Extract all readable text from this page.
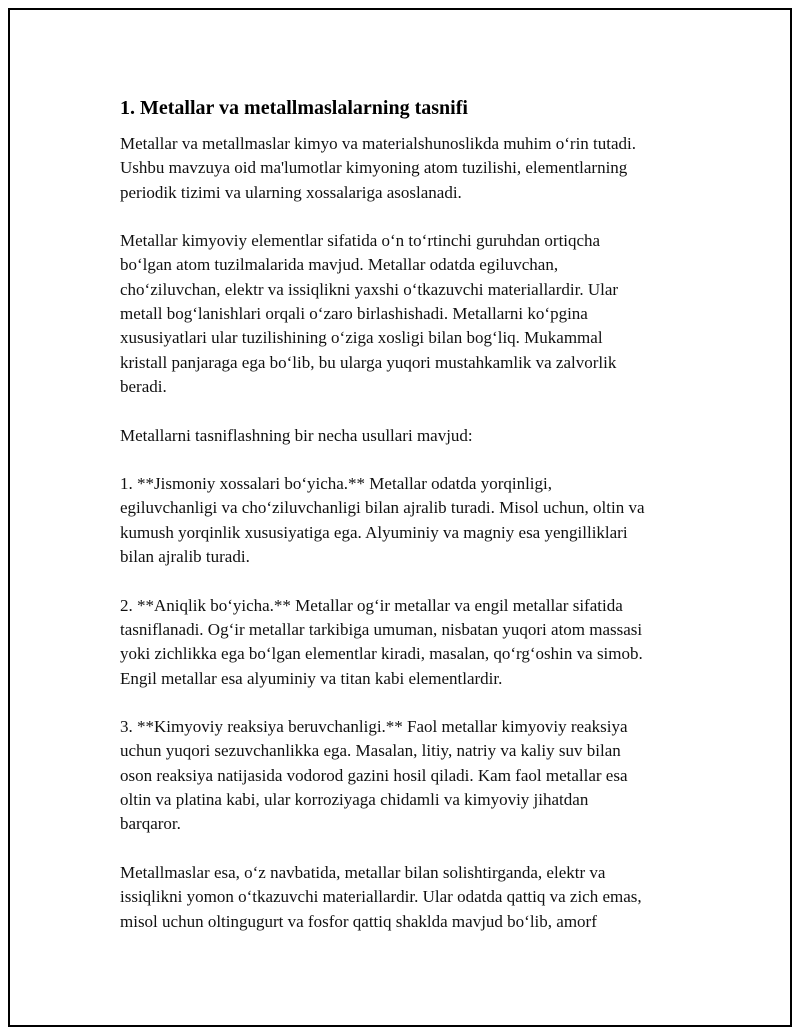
1. Metallar va metallmaslalarning tasnifi

Metallar va metallmaslar kimyo va materialshunoslikda muhim o‘rin tutadi.
Ushbu mavzuya oid ma'lumotlar kimyoning atom tuzilishi, elementlarning
periodik tizimi va ularning xossalariga asoslanadi.

Metallar kimyoviy elementlar sifatida o‘n to‘rtinchi guruhdan ortiqcha
bo‘lgan atom tuzilmalarida mavjud. Metallar odatda egiluvchan,
cho‘ziluvchan, elektr va issiqlikni yaxshi o‘tkazuvchi materiallardir. Ular
metall bog‘lanishlari orqali o‘zaro birlashishadi. Metallarni ko‘pgina
xususiyatlari ular tuzilishining o‘ziga xosligi bilan bog‘liq. Mukammal
kristall panjaraga ega bo‘lib, bu ularga yuqori mustahkamlik va zalvorlik
beradi.

Metallarni tasniflashning bir necha usullari mavjud:

1. **Jismoniy xossalari bo‘yicha.** Metallar odatda yorqinligi,
egiluvchanligi va cho‘ziluvchanligi bilan ajralib turadi. Misol uchun, oltin va
kumush yorqinlik xususiyatiga ega. Alyuminiy va magniy esa yengilliklari
bilan ajralib turadi.

2. **Aniqlik bo‘yicha.** Metallar og‘ir metallar va engil metallar sifatida
tasniflanadi. Og‘ir metallar tarkibiga umuman, nisbatan yuqori atom massasi
yoki zichlikka ega bo‘lgan elementlar kiradi, masalan, qo‘rg‘oshin va simob.
Engil metallar esa alyuminiy va titan kabi elementlardir.

3. **Kimyoviy reaksiya beruvchanligi.** Faol metallar kimyoviy reaksiya
uchun yuqori sezuvchanlikka ega. Masalan, litiy, natriy va kaliy suv bilan
oson reaksiya natijasida vodorod gazini hosil qiladi. Kam faol metallar esa
oltin va platina kabi, ular korroziyaga chidamli va kimyoviy jihatdan
barqaror.

Metallmaslar esa, o‘z navbatida, metallar bilan solishtirganda, elektr va
issiqlikni yomon o‘tkazuvchi materiallardir. Ular odatda qattiq va zich emas,
misol uchun oltingugurt va fosfor qattiq shaklda mavjud bo‘lib, amorf
